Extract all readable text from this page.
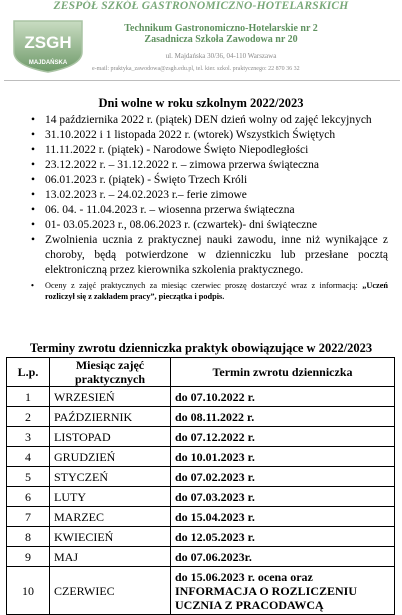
ZESPÓŁ SZKÓŁ GASTRONOMICZNO-HOTELARSKICH
ZSGH
MAJDAŃSKA
Technikum Gastronomiczno-Hotelarskie nr 2
Zasadnicza Szkoła Zawodowa nr 20
ul. Majdańska 30/36, 04-110 Warszawa
e-mail: praktyka_zawodowa@zsgh.edu.pl, tel. kier. szkol. praktycznego: 22 870 36 32
Dni wolne w roku szkolnym 2022/2023
• 14 października 2022 r. (piątek) DEN dzień wolny od zajęć lekcyjnych
• 31.10.2022 i 1 listopada 2022 r. (wtorek) Wszystkich Świętych
• 11.11.2022 r. (piątek) - Narodowe Święto Niepodległości
• 23.12.2022 r. – 31.12.2022 r. – zimowa przerwa świąteczna
• 06.01.2023 r. (piątek) - Święto Trzech Króli
• 13.02.2023 r. – 24.02.2023 r.– ferie zimowe
• 06. 04. - 11.04.2023 r. – wiosenna przerwa świąteczna
• 01- 03.05.2023 r., 08.06.2023 r. (czwartek)- dni świąteczne
• Zwolnienia ucznia z praktycznej nauki zawodu, inne niż wynikające z choroby, będą potwierdzone w dzienniczku lub przesłane pocztą elektroniczną przez kierownika szkolenia praktycznego.
• Oceny z zajęć praktycznych za miesiąc czerwiec proszę dostarczyć wraz z informacją: „Uczeń rozliczył się z zakładem pracy”, pieczątka i podpis.
Terminy zwrotu dzienniczka praktyk obowiązujące w 2022/2023
L.p.	Miesiąc zajęć praktycznych	Termin zwrotu dzienniczka
1	WRZESIEŃ	do 07.10.2022 r.
2	PAŹDZIERNIK	do 08.11.2022 r.
3	LISTOPAD	do 07.12.2022 r.
4	GRUDZIEŃ	do 10.01.2023 r.
5	STYCZEŃ	do 07.02.2023 r.
6	LUTY	do 07.03.2023 r.
7	MARZEC	do 15.04.2023 r.
8	KWIECIEŃ	do 12.05.2023 r.
9	MAJ	do 07.06.2023r.
10	CZERWIEC	do 15.06.2023 r. ocena oraz INFORMACJA O ROZLICZENIU UCZNIA Z PRACODAWCĄ
